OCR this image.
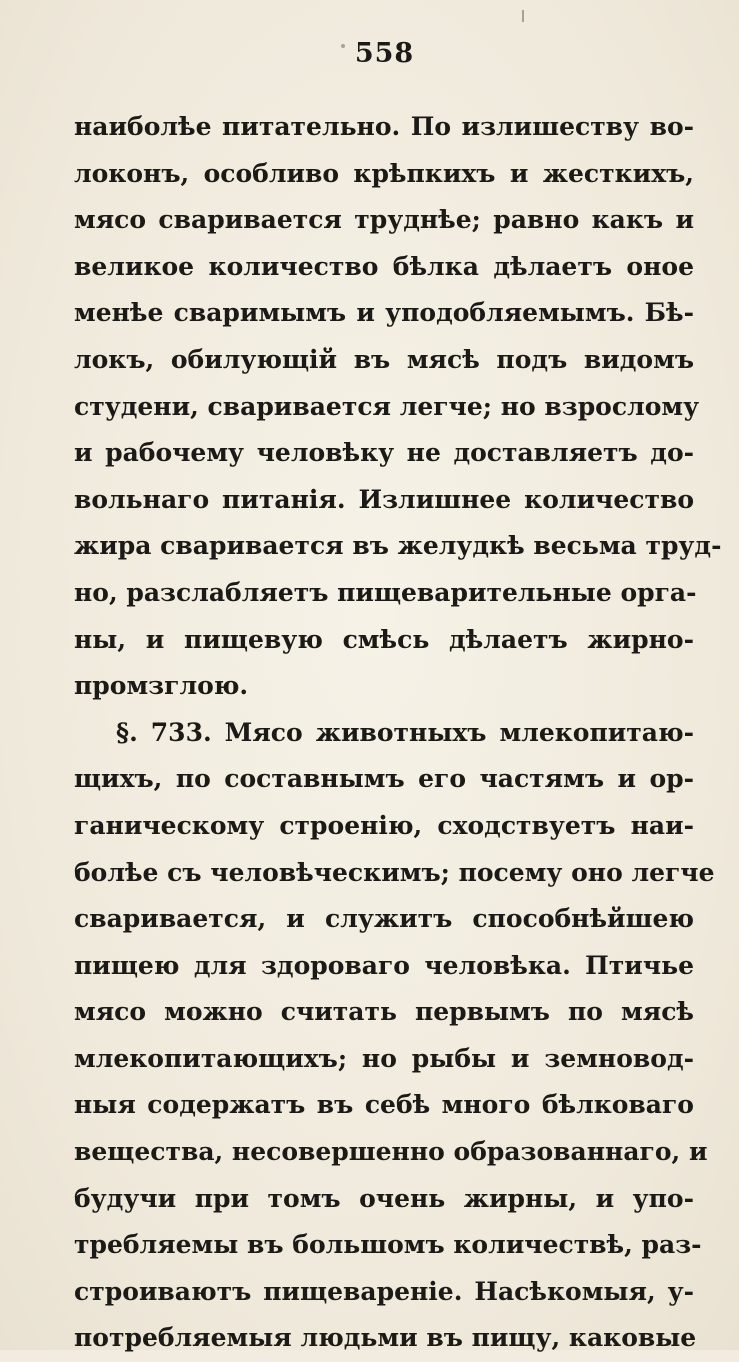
558
наиболѣе питательно. По излишеству во-
локонъ, особливо крѣпкихъ и жесткихъ,
мясо сваривается труднѣе; равно какъ и
великое количество бѣлка дѣлаетъ оное
менѣе сваримымъ и уподобляемымъ. Бѣ-
локъ, обилующій въ мясѣ подъ видомъ
студени, сваривается легче; но взрослому
и рабочему человѣку не доставляетъ до-
вольнаго питанія. Излишнее количество
жира сваривается въ желудкѣ весьма труд-
но, разслабляетъ пищеварительные орга-
ны, и пищевую смѣсь дѣлаетъ жирно-
промзглою.
§. 733. Мясо животныхъ млекопитаю-
щихъ, по составнымъ его частямъ и ор-
ганическому строенію, сходствуетъ наи-
болѣе съ человѣческимъ; посему оно легче
сваривается, и служитъ способнѣйшею
пищею для здороваго человѣка. Птичье
мясо можно считать первымъ по мясѣ
млекопитающихъ; но рыбы и земновод-
ныя содержатъ въ себѣ много бѣлковаго
вещества, несовершенно образованнаго, и
будучи при томъ очень жирны, и упо-
требляемы въ большомъ количествѣ, раз-
строиваютъ пищевареніе. Насѣкомыя, у-
потребляемыя людьми въ пищу, каковые
